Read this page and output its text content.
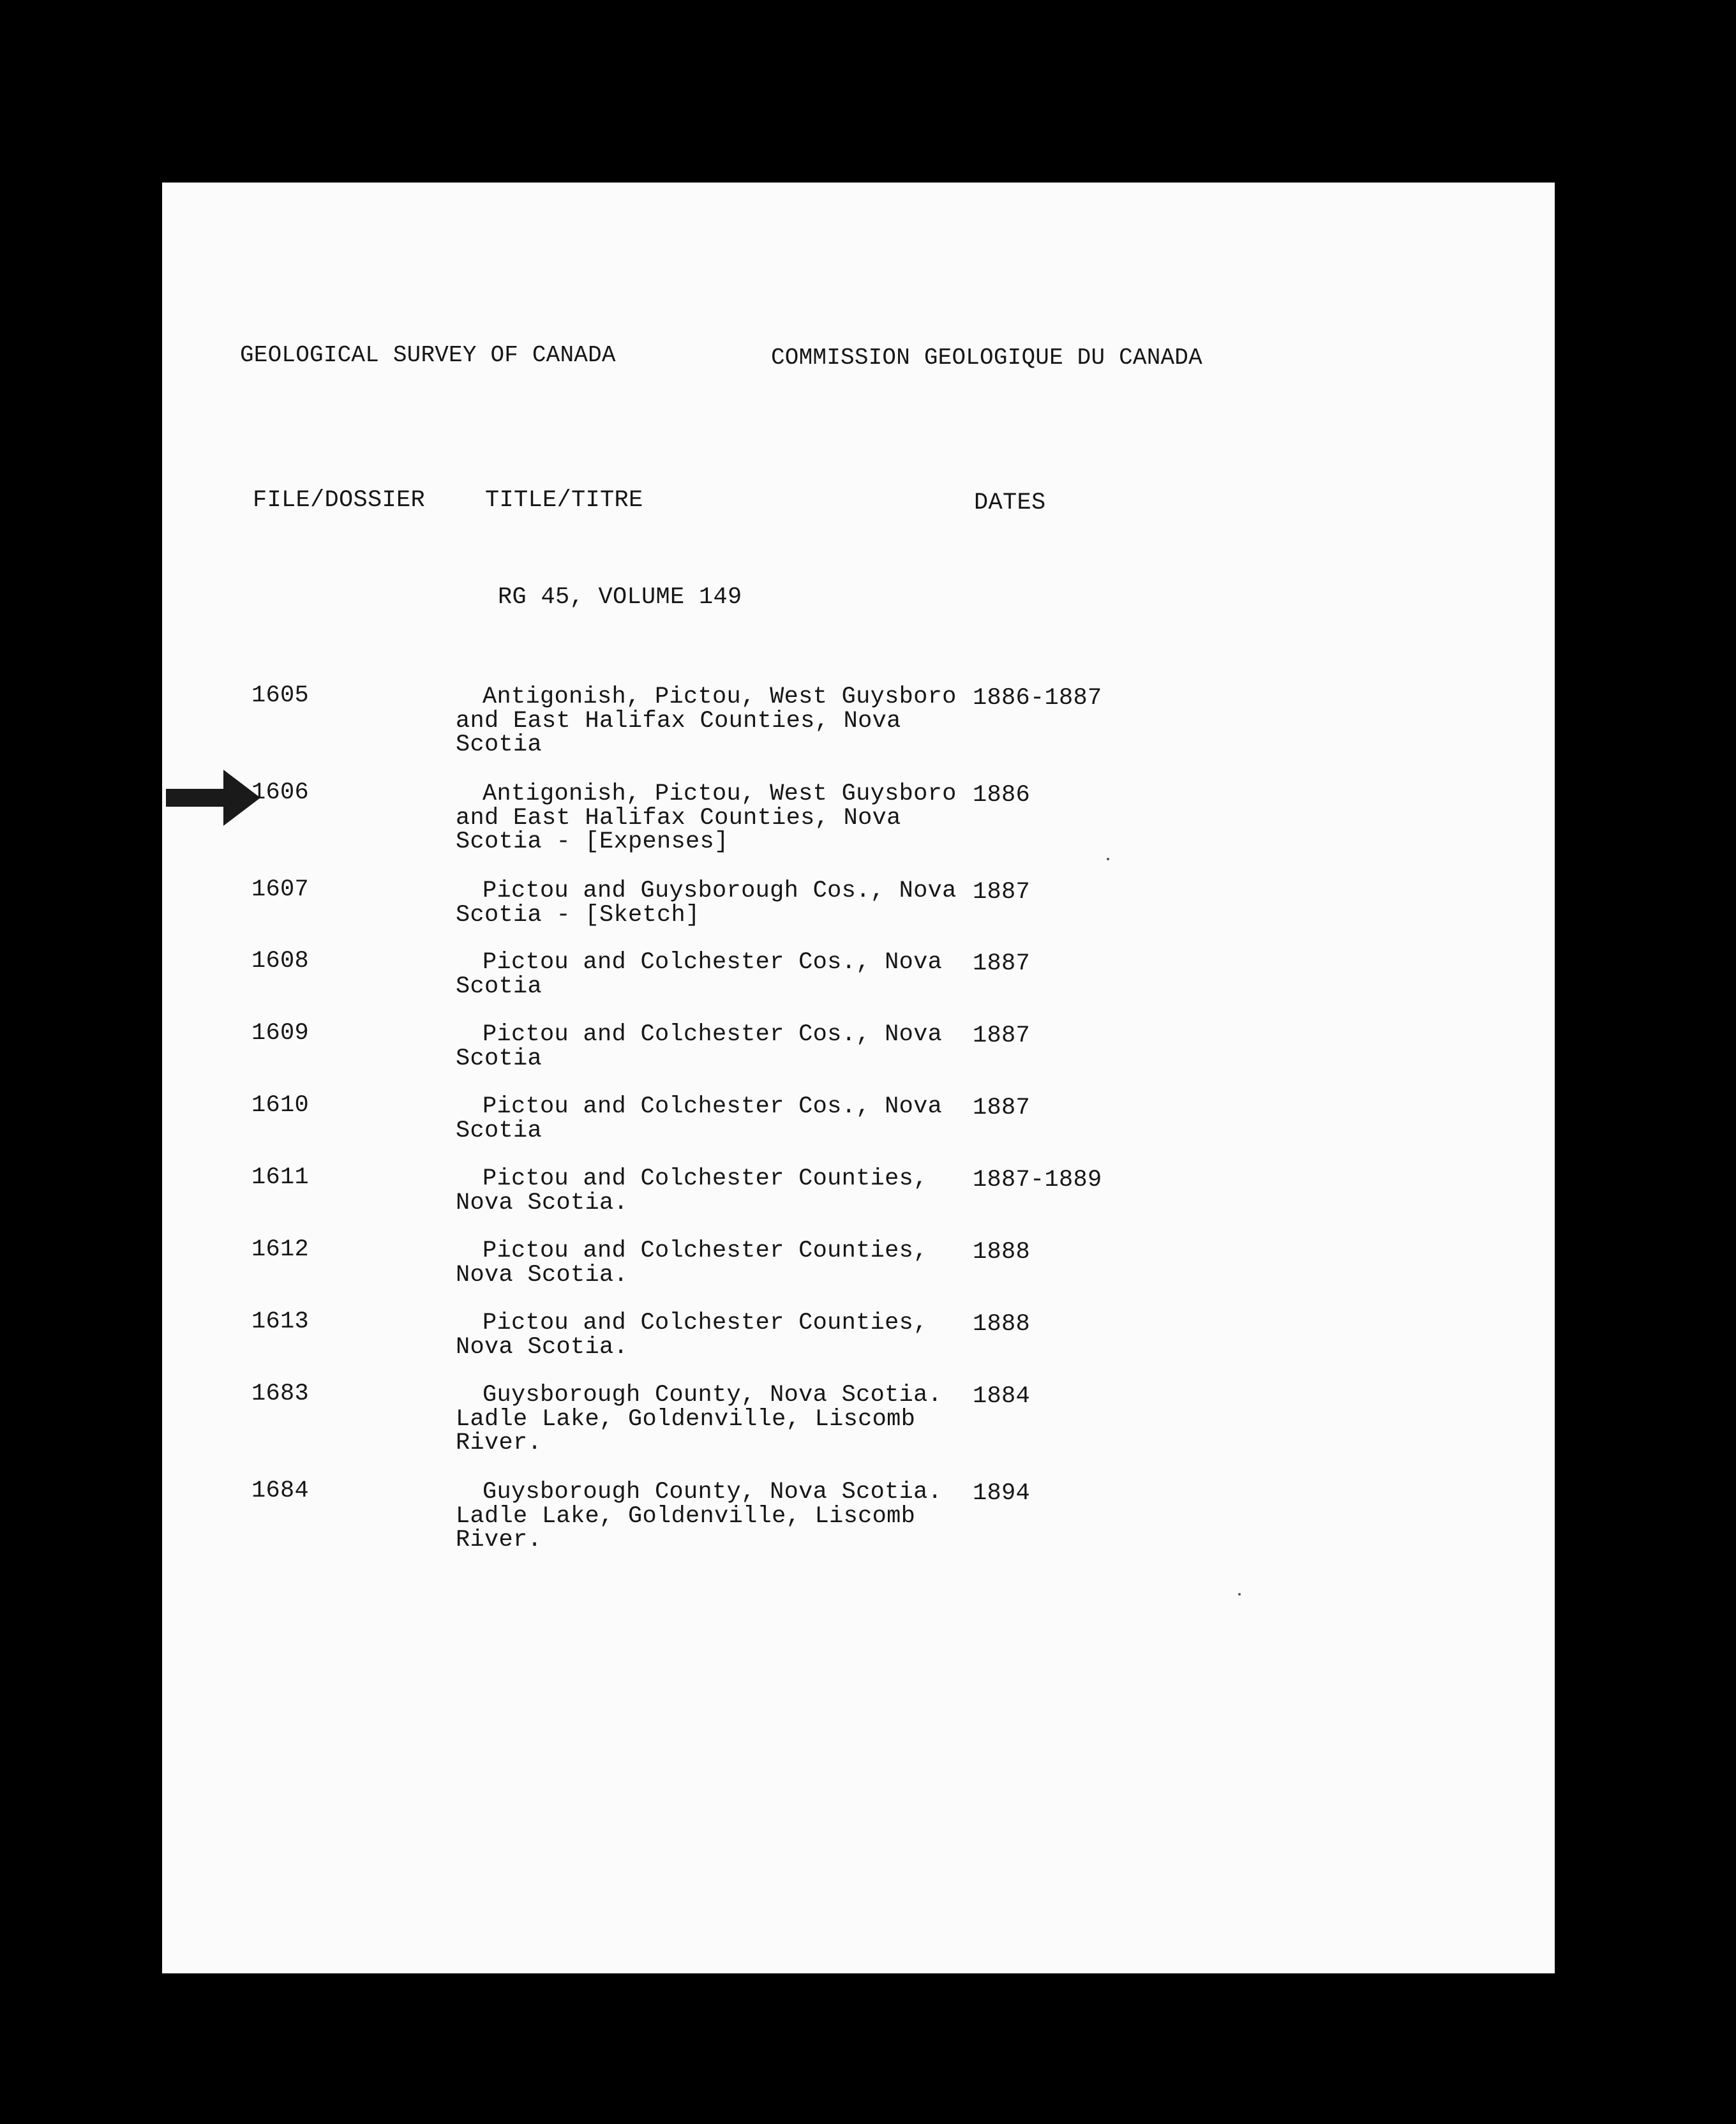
GEOLOGICAL SURVEY OF CANADA	COMMISSION GEOLOGIQUE DU CANADA
FILE/DOSSIER	TITLE/TITRE	DATES
RG 45, VOLUME 149
1605	Antigonish, Pictou, West Guysboro
and East Halifax Counties, Nova
Scotia
1886-1887
1606	Antigonish, Pictou, West Guysboro
and East Halifax Counties, Nova
Scotia - [Expenses]
1886
1607	Pictou and Guysborough Cos., Nova
Scotia - [Sketch]
1887
1608	Pictou and Colchester Cos., Nova
Scotia
1887
1609	Pictou and Colchester Cos., Nova
Scotia
1887
1610	Pictou and Colchester Cos., Nova
Scotia
1887
1611	Pictou and Colchester Counties,
Nova Scotia.
1887-1889
1612	Pictou and Colchester Counties,
Nova Scotia.
1888
1613	Pictou and Colchester Counties,
Nova Scotia.
1888
1683	Guysborough County, Nova Scotia.
Ladle Lake, Goldenville, Liscomb
River.
1884
1684	Guysborough County, Nova Scotia.
Ladle Lake, Goldenville, Liscomb
River.
1894
